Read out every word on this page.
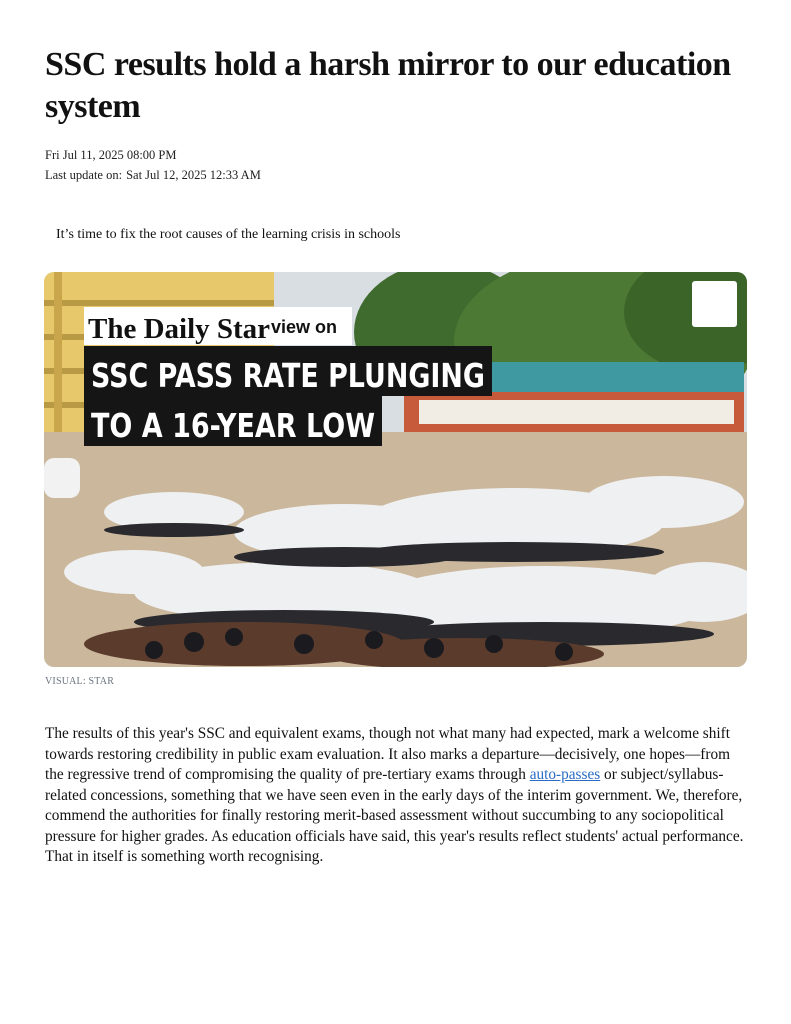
SSC results hold a harsh mirror to our education system
Fri Jul 11, 2025 08:00 PM
Last update on: Sat Jul 12, 2025 12:33 AM
It’s time to fix the root causes of the learning crisis in schools
The Daily Star view on
SSC PASS RATE PLUNGING
TO A 16-YEAR LOW
VISUAL: STAR

The results of this year's SSC and equivalent exams, though not what many had expected, mark a welcome shift towards restoring credibility in public exam evaluation. It also marks a departure—decisively, one hopes—from the regressive trend of compromising the quality of pre-tertiary exams through auto-passes or subject/syllabus-related concessions, something that we have seen even in the early days of the interim government. We, therefore, commend the authorities for finally restoring merit-based assessment without succumbing to any sociopolitical pressure for higher grades. As education officials have said, this year's results reflect students' actual performance. That in itself is something worth recognising.
